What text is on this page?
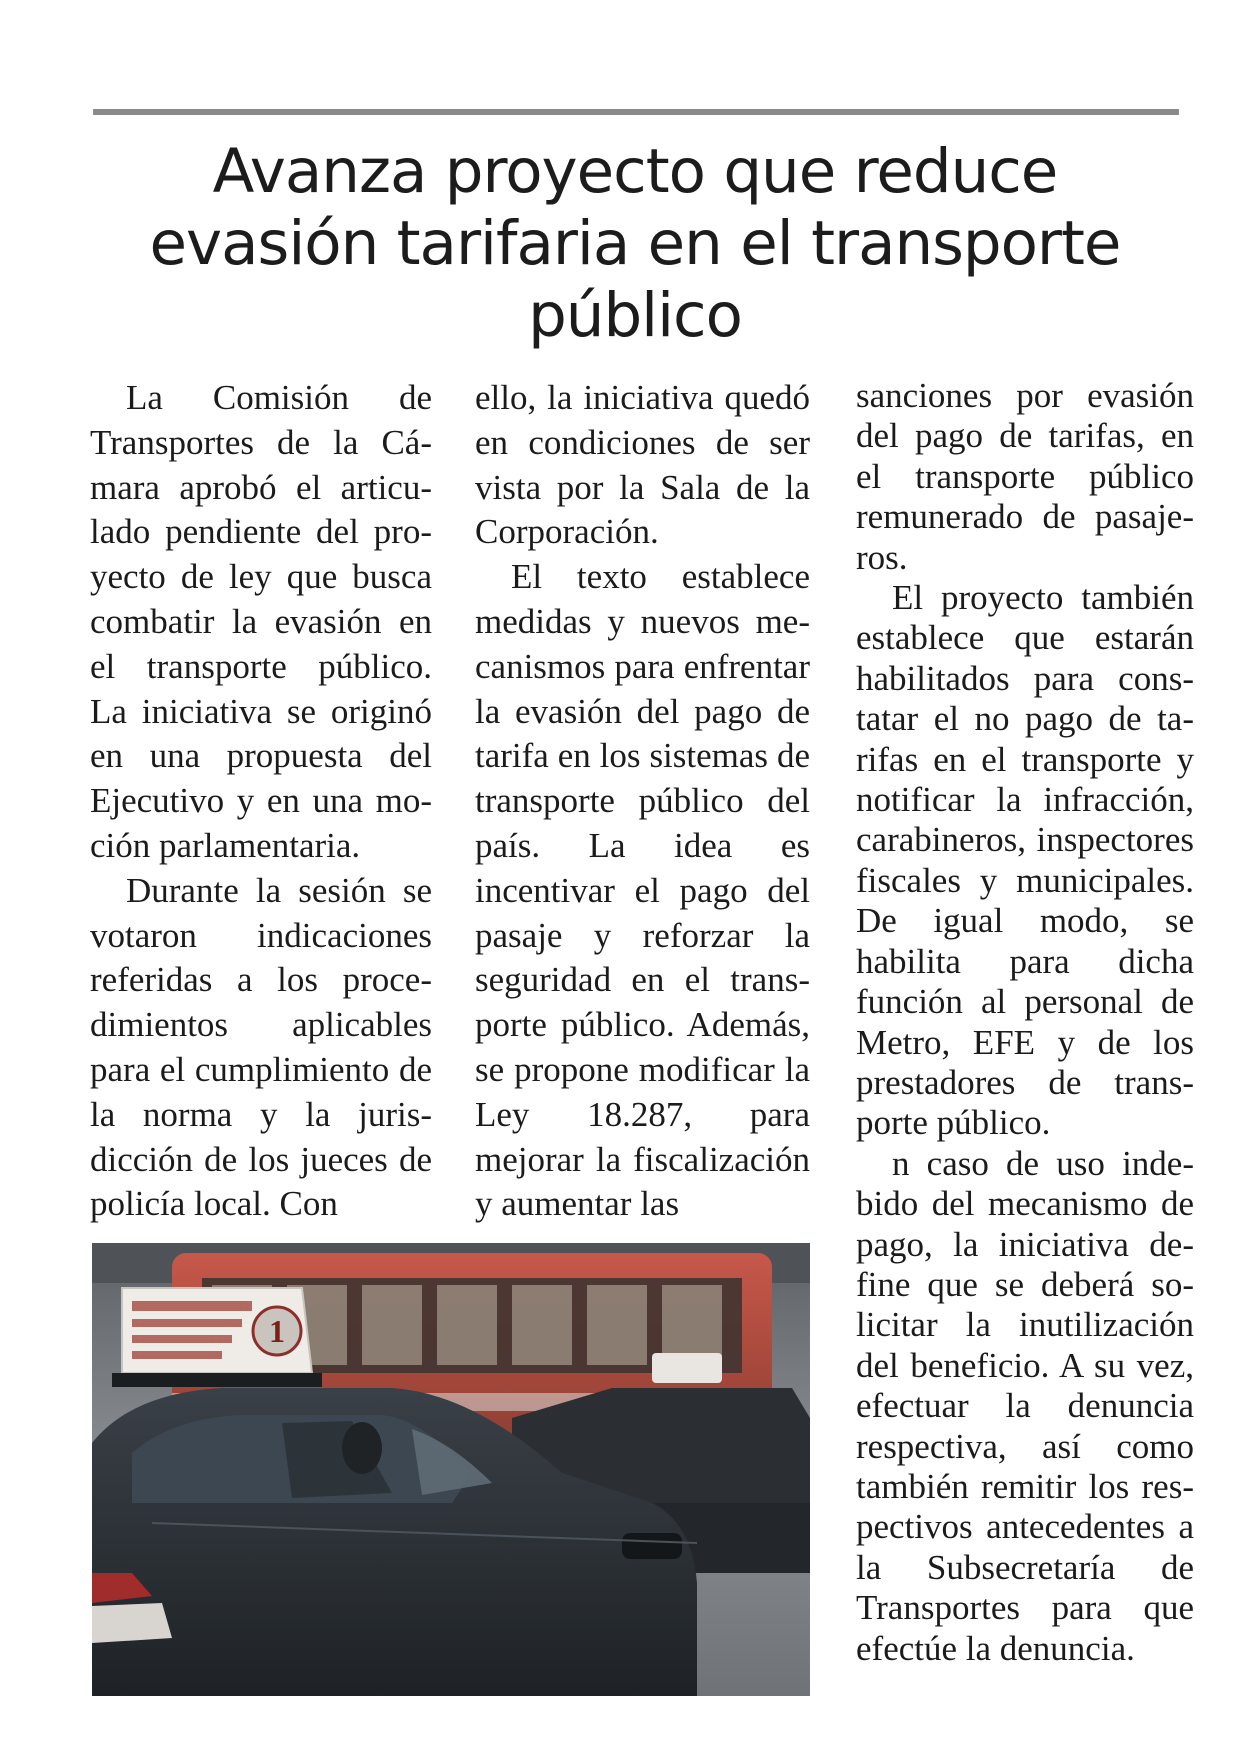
Avanza proyecto que reduce evasión tarifaria en el transporte público

La Comisión de Transportes de la Cámara aprobó el articulado pendiente del proyecto de ley que busca combatir la evasión en el transporte público. La iniciativa se originó en una propuesta del Ejecutivo y en una moción parlamentaria.

Durante la sesión se votaron indicaciones referidas a los procedimientos aplicables para el cumplimiento de la norma y la jurisdicción de los jueces de policía local. Con

ello, la iniciativa quedó en condiciones de ser vista por la Sala de la Corporación.

El texto establece medidas y nuevos mecanismos para enfrentar la evasión del pago de tarifa en los sistemas de transporte público del país. La idea es incentivar el pago del pasaje y reforzar la seguridad en el transporte público. Además, se propone modificar la Ley 18.287, para mejorar la fiscalización y aumentar las

sanciones por evasión del pago de tarifas, en el transporte público remunerado de pasajeros.

El proyecto también establece que estarán habilitados para constatar el no pago de tarifas en el transporte y notificar la infracción, carabineros, inspectores fiscales y municipales. De igual modo, se habilita para dicha función al personal de Metro, EFE y de los prestadores de transporte público.

n caso de uso indebido del mecanismo de pago, la iniciativa define que se deberá solicitar la inutilización del beneficio. A su vez, efectuar la denuncia respectiva, así como también remitir los respectivos antecedentes a la Subsecretaría de Transportes para que efectúe la denuncia.

1
